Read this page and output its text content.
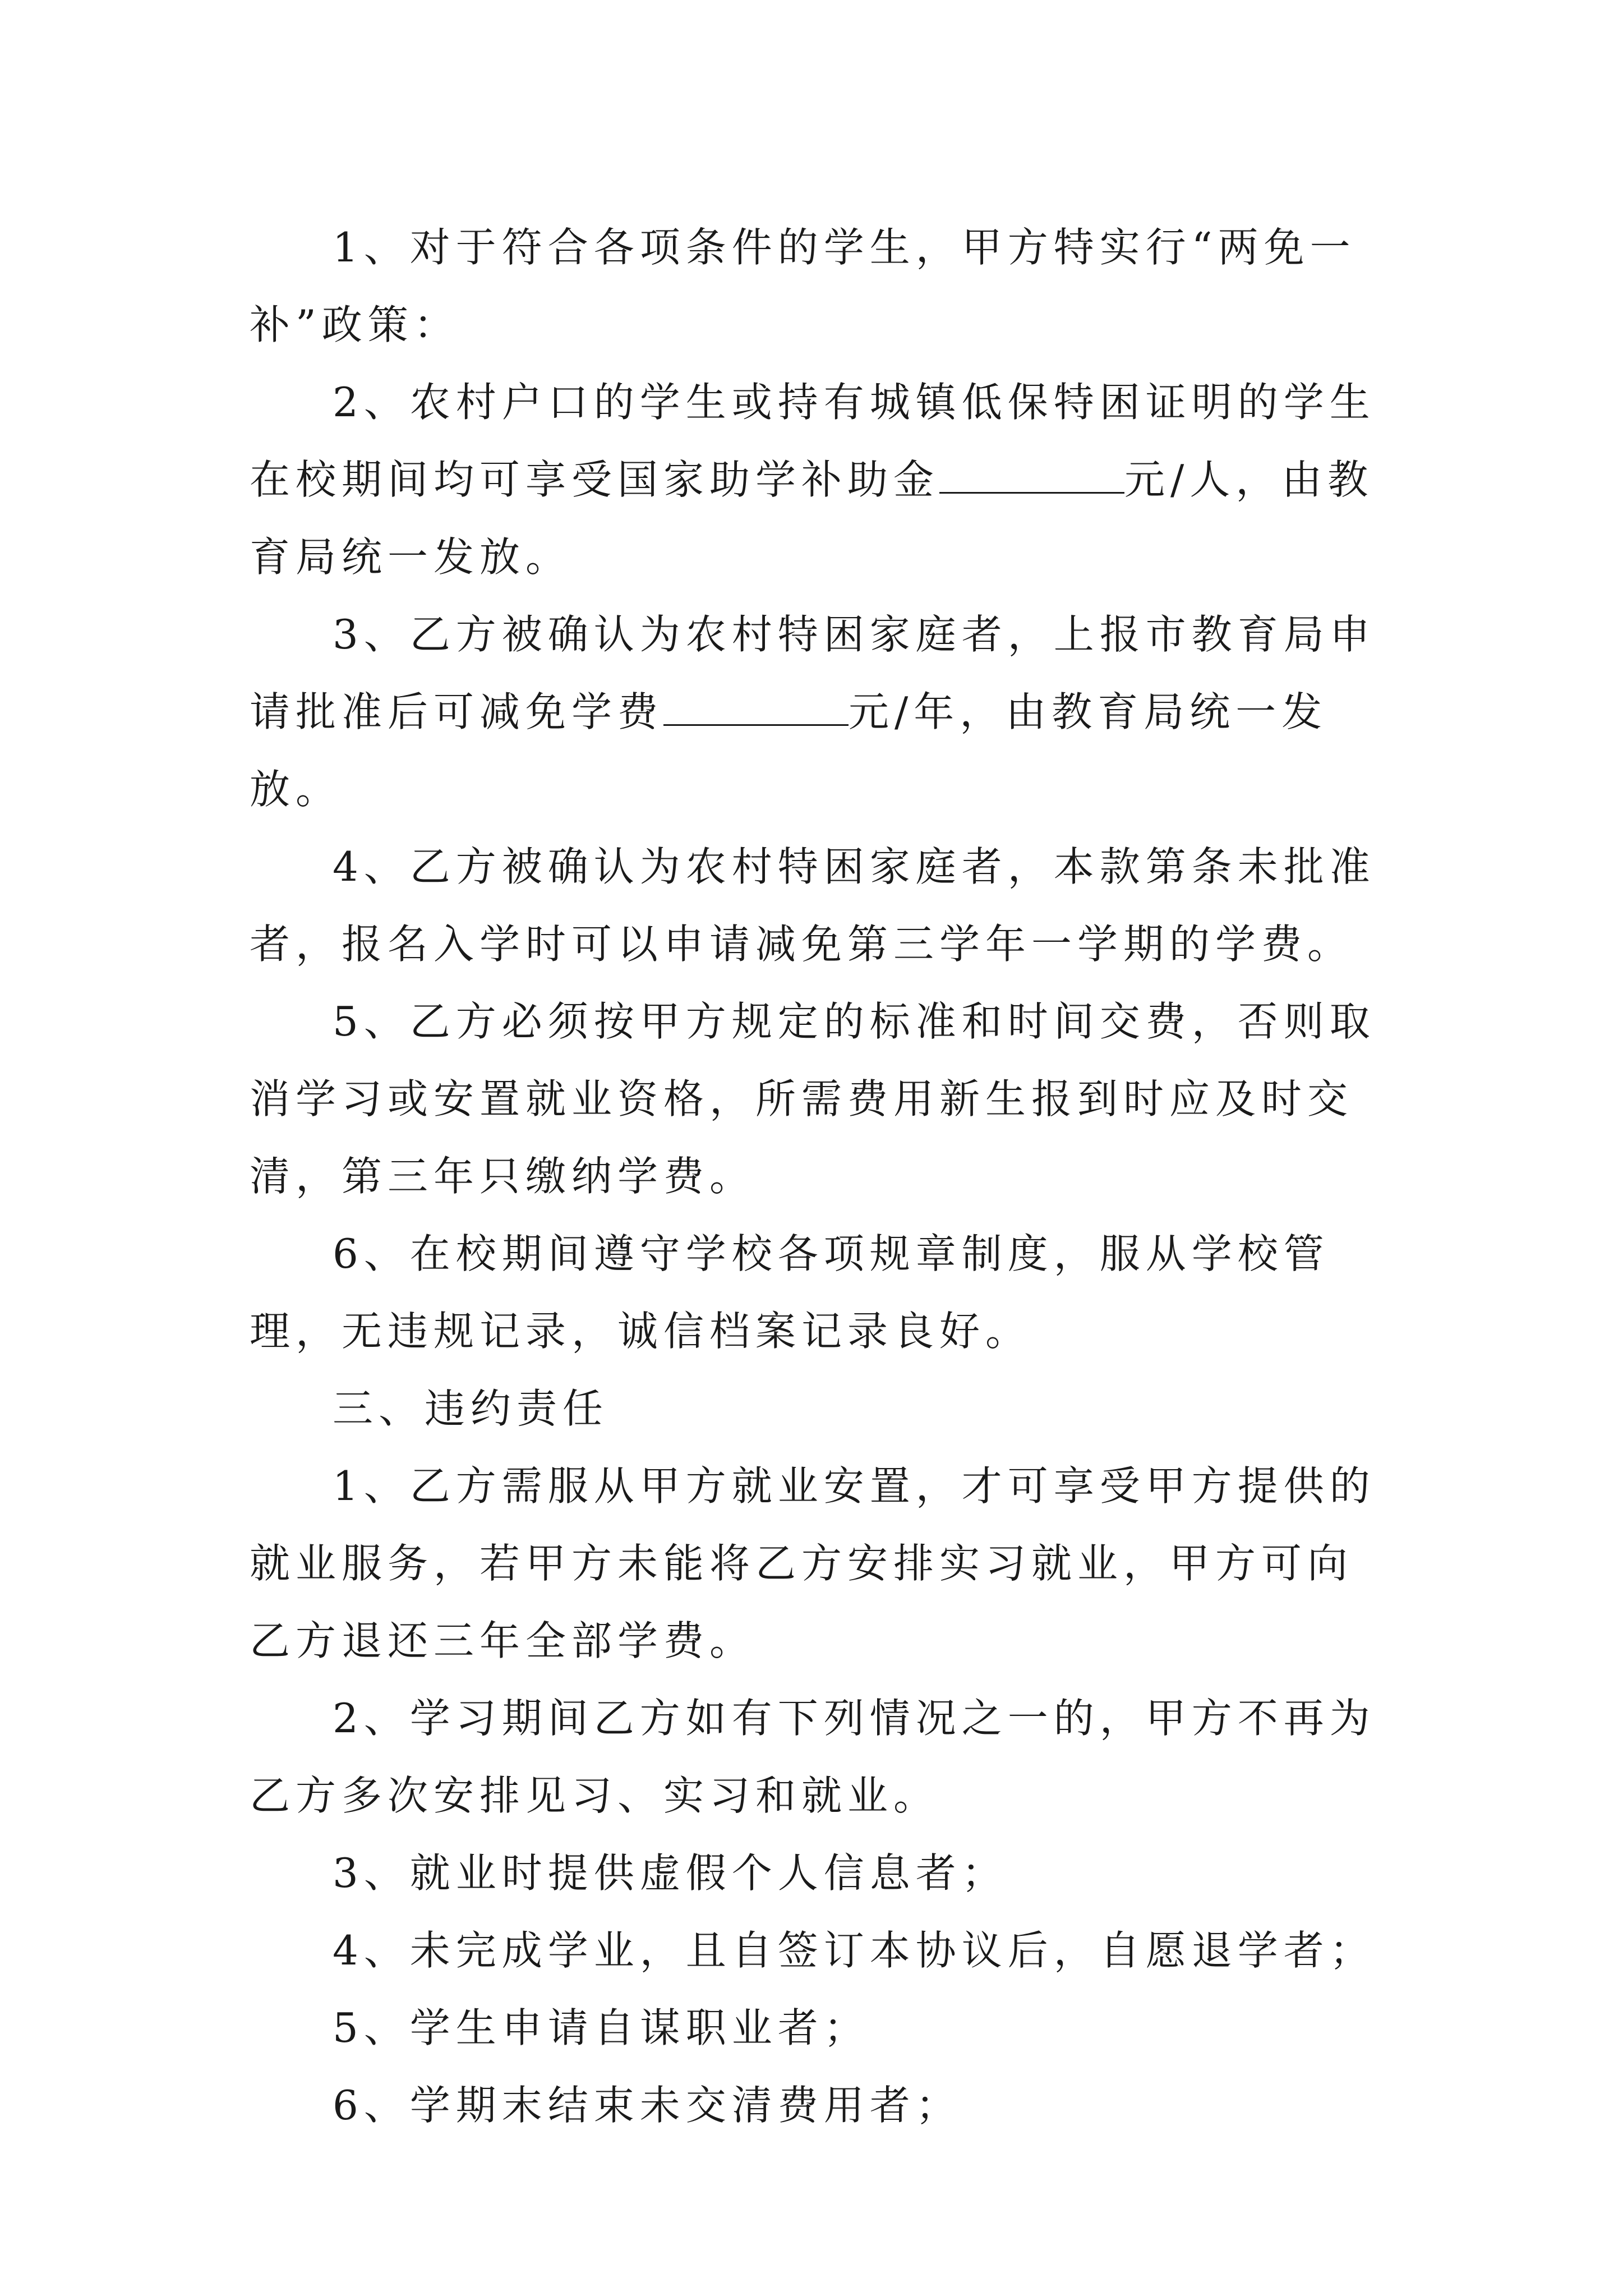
1、对于符合各项条件的学生，甲方特实行“两免一补”政策：

2、农村户口的学生或持有城镇低保特困证明的学生在校期间均可享受国家助学补助金	元/人，由教育局统一发放。

3、乙方被确认为农村特困家庭者，上报市教育局申请批准后可减免学费	元/年，由教育局统一发放。

4、乙方被确认为农村特困家庭者，本款第条未批准者，报名入学时可以申请减免第三学年一学期的学费。

5、乙方必须按甲方规定的标准和时间交费，否则取消学习或安置就业资格，所需费用新生报到时应及时交清，第三年只缴纳学费。

6、在校期间遵守学校各项规章制度，服从学校管理，无违规记录，诚信档案记录良好。

三、违约责任

1、乙方需服从甲方就业安置，才可享受甲方提供的就业服务，若甲方未能将乙方安排实习就业，甲方可向乙方退还三年全部学费。

2、学习期间乙方如有下列情况之一的，甲方不再为乙方多次安排见习、实习和就业。

3、就业时提供虚假个人信息者；

4、未完成学业，且自签订本协议后，自愿退学者；

5、学生申请自谋职业者；

6、学期末结束未交清费用者；
